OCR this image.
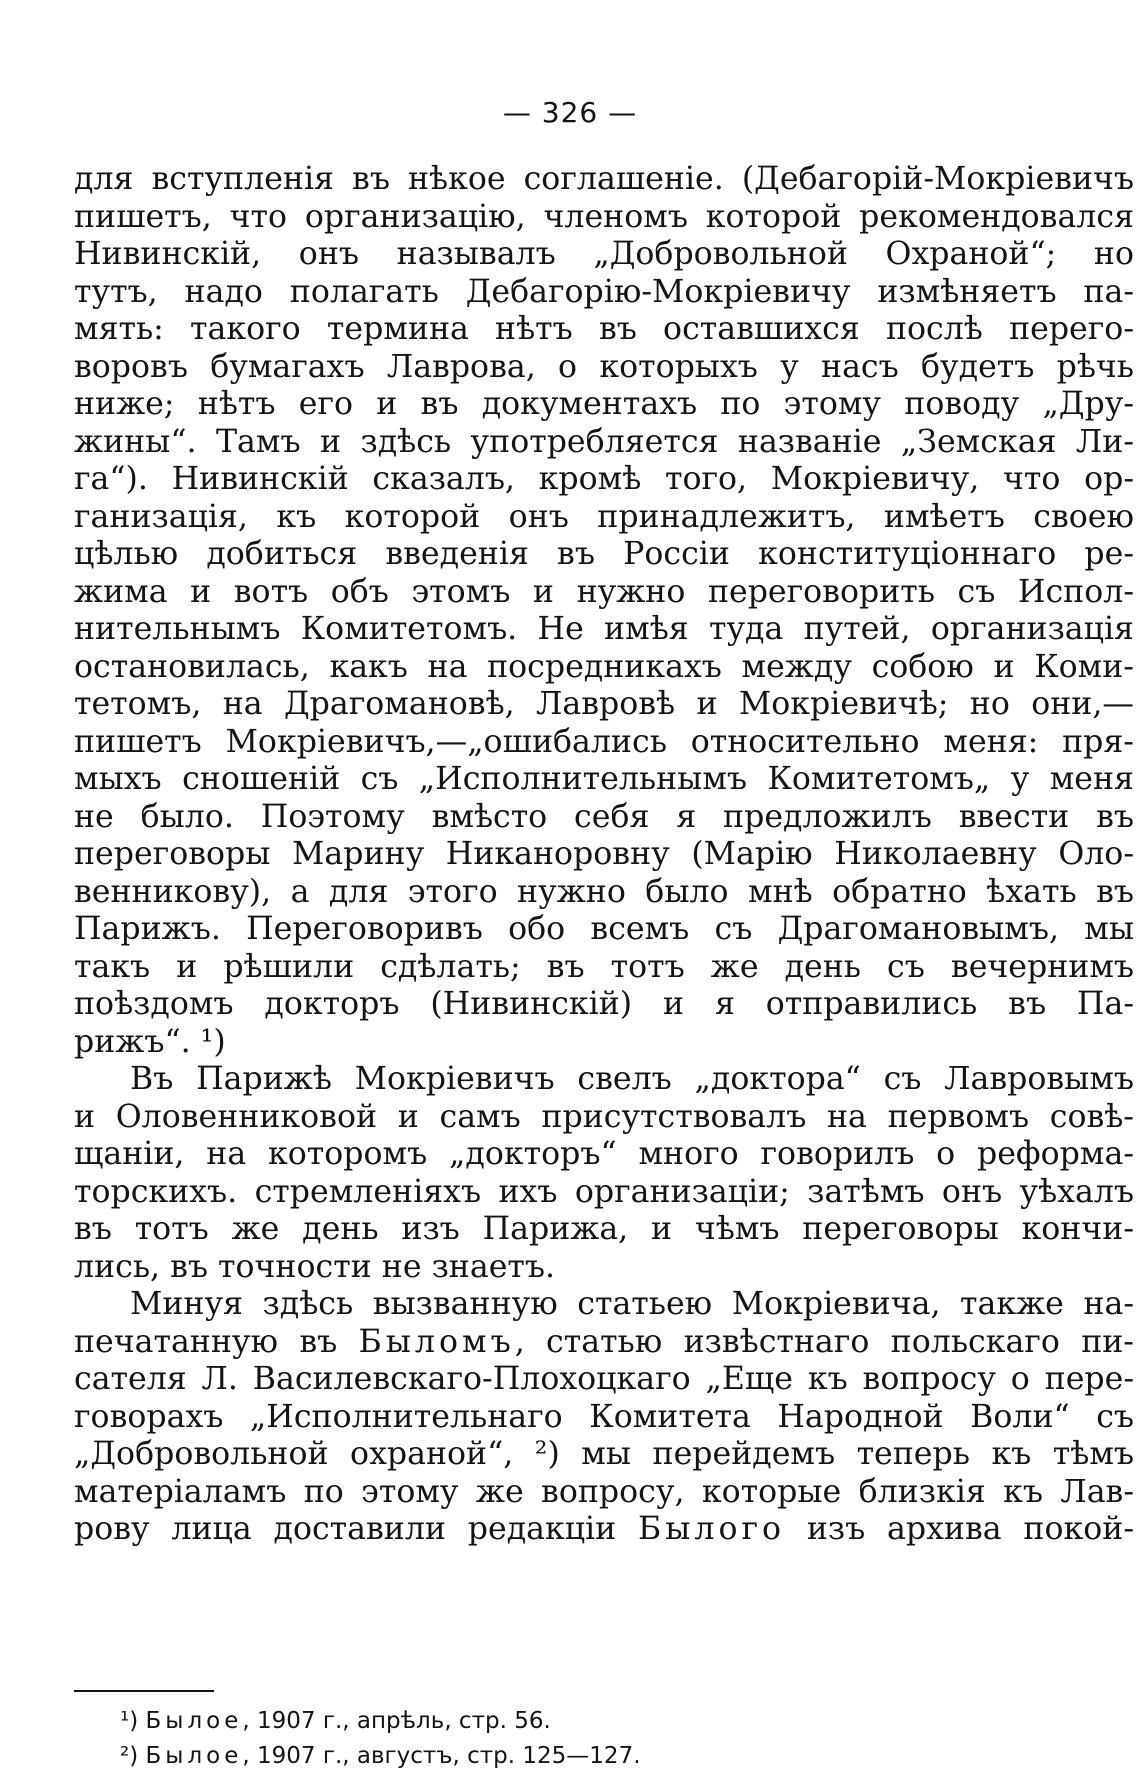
— 326 —
для вступленія въ нѣкое соглашеніе. (Дебагорій-Мокріевичъ
пишетъ, что организацію, членомъ которой рекомендовался
Нивинскій, онъ называлъ „Добровольной Охраной“; но
тутъ, надо полагать Дебагорію-Мокріевичу измѣняетъ па-
мять: такого термина нѣтъ въ оставшихся послѣ перего-
воровъ бумагахъ Лаврова, о которыхъ у насъ будетъ рѣчь
ниже; нѣтъ его и въ документахъ по этому поводу „Дру-
жины“. Тамъ и здѣсь употребляется названіе „Земская Ли-
га“). Нивинскій сказалъ, кромѣ того, Мокріевичу, что ор-
ганизація, къ которой онъ принадлежитъ, имѣетъ своею
цѣлью добиться введенія въ Россіи конституціоннаго ре-
жима и вотъ объ этомъ и нужно переговорить съ Испол-
нительнымъ Комитетомъ. Не имѣя туда путей, организація
остановилась, какъ на посредникахъ между собою и Коми-
тетомъ, на Драгомановѣ, Лавровѣ и Мокріевичѣ; но они,—
пишетъ Мокріевичъ,—„ошибались относительно меня: пря-
мыхъ сношеній съ „Исполнительнымъ Комитетомъ„ у меня
не было. Поэтому вмѣсто себя я предложилъ ввести въ
переговоры Марину Никаноровну (Марію Николаевну Оло-
венникову), а для этого нужно было мнѣ обратно ѣхать въ
Парижъ. Переговоривъ обо всемъ съ Драгомановымъ, мы
такъ и рѣшили сдѣлать; въ тотъ же день съ вечернимъ
поѣздомъ докторъ (Нивинскій) и я отправились въ Па-
рижъ“. ¹)
Въ Парижѣ Мокріевичъ свелъ „доктора“ съ Лавровымъ
и Оловенниковой и самъ присутствовалъ на первомъ совѣ-
щаніи, на которомъ „докторъ“ много говорилъ о реформа-
торскихъ. стремленіяхъ ихъ организаціи; затѣмъ онъ уѣхалъ
въ тотъ же день изъ Парижа, и чѣмъ переговоры кончи-
лись, въ точности не знаетъ.
Минуя здѣсь вызванную статьею Мокріевича, также на-
печатанную въ Быломъ, статью извѣстнаго польскаго пи-
сателя Л. Василевскаго-Плохоцкаго „Еще къ вопросу о пере-
говорахъ „Исполнительнаго Комитета Народной Воли“ съ
„Добровольной охраной“, ²) мы перейдемъ теперь къ тѣмъ
матеріаламъ по этому же вопросу, которые близкія къ Лав-
рову лица доставили редакціи Былого изъ архива покой-
¹) Былое, 1907 г., апрѣль, стр. 56.
²) Былое, 1907 г., августъ, стр. 125—127.
